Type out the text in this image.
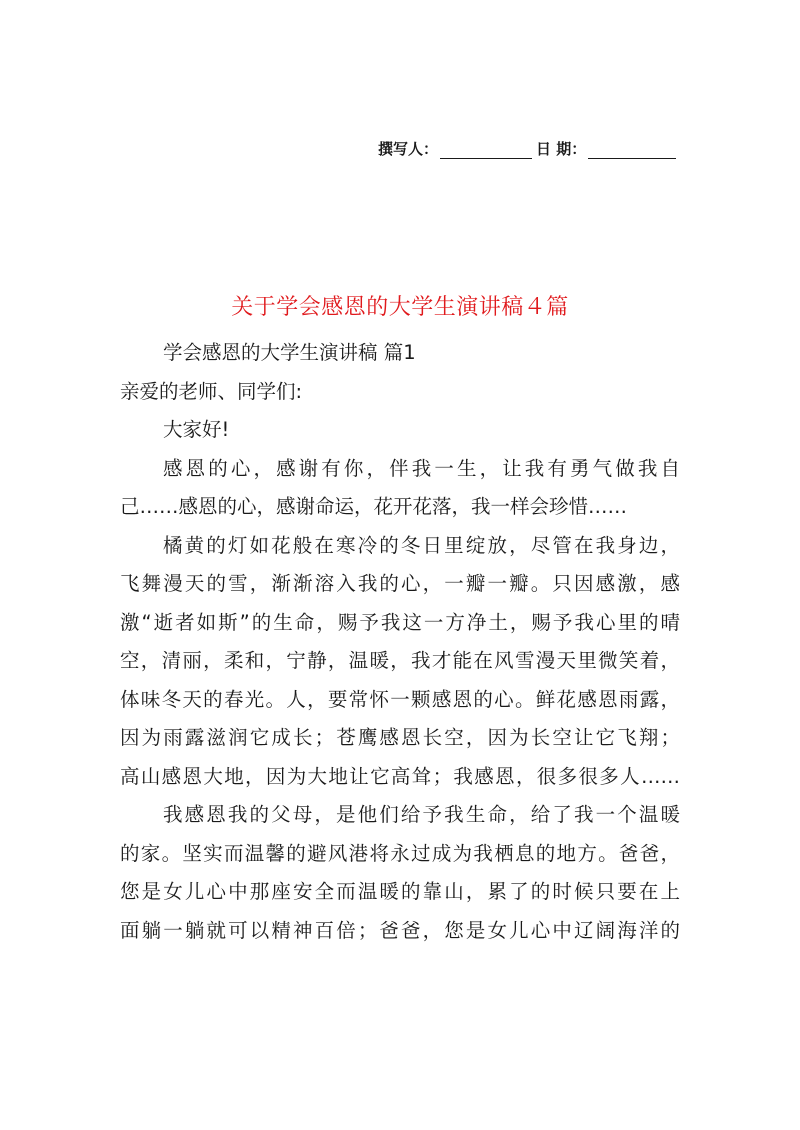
撰写人：	日 期：
关于学会感恩的大学生演讲稿４篇

学会感恩的大学生演讲稿 篇1

亲爱的老师、同学们:

大家好!

感恩的心，感谢有你，伴我一生，让我有勇气做我自

己……感恩的心，感谢命运，花开花落，我一样会珍惜……

橘黄的灯如花般在寒冷的冬日里绽放，尽管在我身边，

飞舞漫天的雪，渐渐溶入我的心，一瓣一瓣。只因感激，感

激“逝者如斯”的生命，赐予我这一方净土，赐予我心里的晴

空，清丽，柔和，宁静，温暖，我才能在风雪漫天里微笑着，

体味冬天的春光。人，要常怀一颗感恩的心。鲜花感恩雨露，

因为雨露滋润它成长；苍鹰感恩长空，因为长空让它飞翔；

高山感恩大地，因为大地让它高耸；我感恩，很多很多人……

我感恩我的父母，是他们给予我生命，给了我一个温暖

的家。坚实而温馨的避风港将永过成为我栖息的地方。爸爸，

您是女儿心中那座安全而温暖的靠山，累了的时候只要在上

面躺一躺就可以精神百倍；爸爸，您是女儿心中辽阔海洋的
